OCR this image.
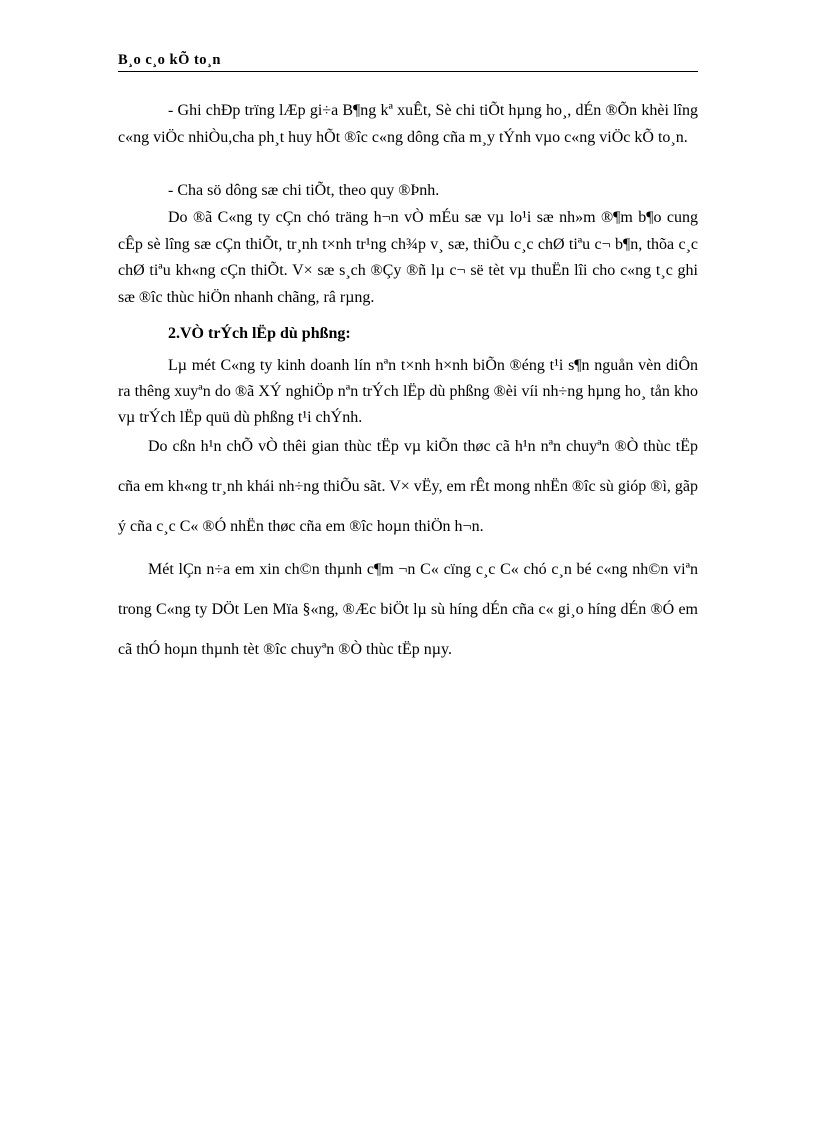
B¸o c¸o kÕ to¸n

- Ghi chÐp trïng lÆp gi÷a B¶ng kª xuÊt, Sè chi tiÕt hµng ho¸, dÉn ®Õn khèi lîng c«ng viÖc nhiÒu,cha ph¸t huy hÕt ®îc c«ng dông cña m¸y tÝnh vµo c«ng viÖc kÕ to¸n.

- Cha sö dông sæ chi tiÕt, theo quy ®Þnh.

Do ®ã C«ng ty cÇn chó träng h¬n vÒ mÉu sæ vµ lo¹i sæ nh»m ®¶m b¶o cung cÊp sè lîng sæ cÇn thiÕt, tr¸nh t×nh tr¹ng ch¾p v¸ sæ, thiÕu c¸c chØ tiªu c¬ b¶n, thõa c¸c chØ tiªu kh«ng cÇn thiÕt. V× sæ s¸ch ®Çy ®ñ lµ c¬ së tèt vµ thuËn lîi cho c«ng t¸c ghi sæ ®îc thùc hiÖn nhanh chãng, râ rµng.

2.VÒ trÝch lËp dù phßng:

Lµ mét C«ng ty kinh doanh lín nªn t×nh h×nh biÕn ®éng t¹i s¶n nguån vèn diÔn ra thêng xuyªn do ®ã XÝ nghiÖp nªn trÝch lËp dù phßng ®èi víi nh÷ng hµng ho¸ tån kho vµ trÝch lËp quü dù phßng t¹i chÝnh.

Do cßn h¹n chÕ vÒ thêi gian thùc tËp vµ kiÕn thøc cã h¹n nªn chuyªn ®Ò thùc tËp cña em kh«ng tr¸nh khái nh÷ng thiÕu sãt. V× vËy, em rÊt mong nhËn ®îc sù gióp ®ì, gãp ý cña c¸c C« ®Ó nhËn thøc cña em ®îc hoµn thiÖn h¬n.

Mét lÇn n÷a em xin ch©n thµnh c¶m ¬n C« cïng c¸c C« chó c¸n bé c«ng nh©n viªn trong C«ng ty DÖt Len Mïa §«ng, ®Æc biÖt lµ sù híng dÉn cña c« gi¸o híng dÉn ®Ó em cã thÓ hoµn thµnh tèt ®îc chuyªn ®Ò thùc tËp nµy.
